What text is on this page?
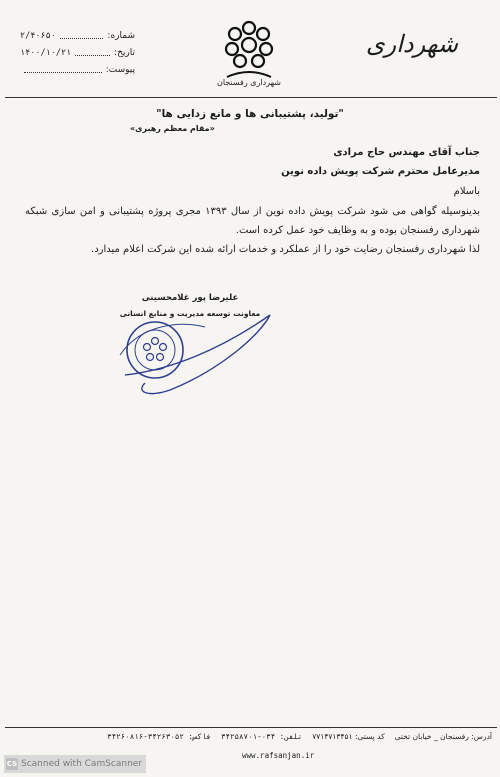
شماره:
۲/۴۰۶۵۰
تاریخ:
۱۴۰۰/۱۰/۲۱
پیوست:
شهرداری رفسنجان
شهرداری
"تولید، پشتیبانی ها و مانع زدایی ها"
«مقام معظم رهبری»
جناب آقای مهندس حاج مرادی
مدیرعامل محترم شرکت پویش داده نوین
باسلام
بدینوسیله گواهی می شود شرکت پویش داده نوین از سال ۱۳۹۳ مجری پروژه پشتیبانی و امن سازی شبکه شهرداری رفسنجان بوده و به وظایف خود عمل کرده است.
لذا شهرداری رفسنجان رضایت خود را از عملکرد و خدمات ارائه شده این شرکت اعلام میدارد.
علیرضا پور غلامحسینی
معاونت توسعه مدیریت و منابع انسانی
آدرس: رفسنجان _ خیابان تختی
کد پستی: ۷۷۱۴۷۱۳۴۵۱
تلفن: ۰۳۴-۳۴۲۵۸۷۰۱
فاکس: ۳۴۲۶۳۰۵۲-۳۴۲۶۰۸۱۶
www.rafsanjan.ir
CS Scanned with CamScanner
